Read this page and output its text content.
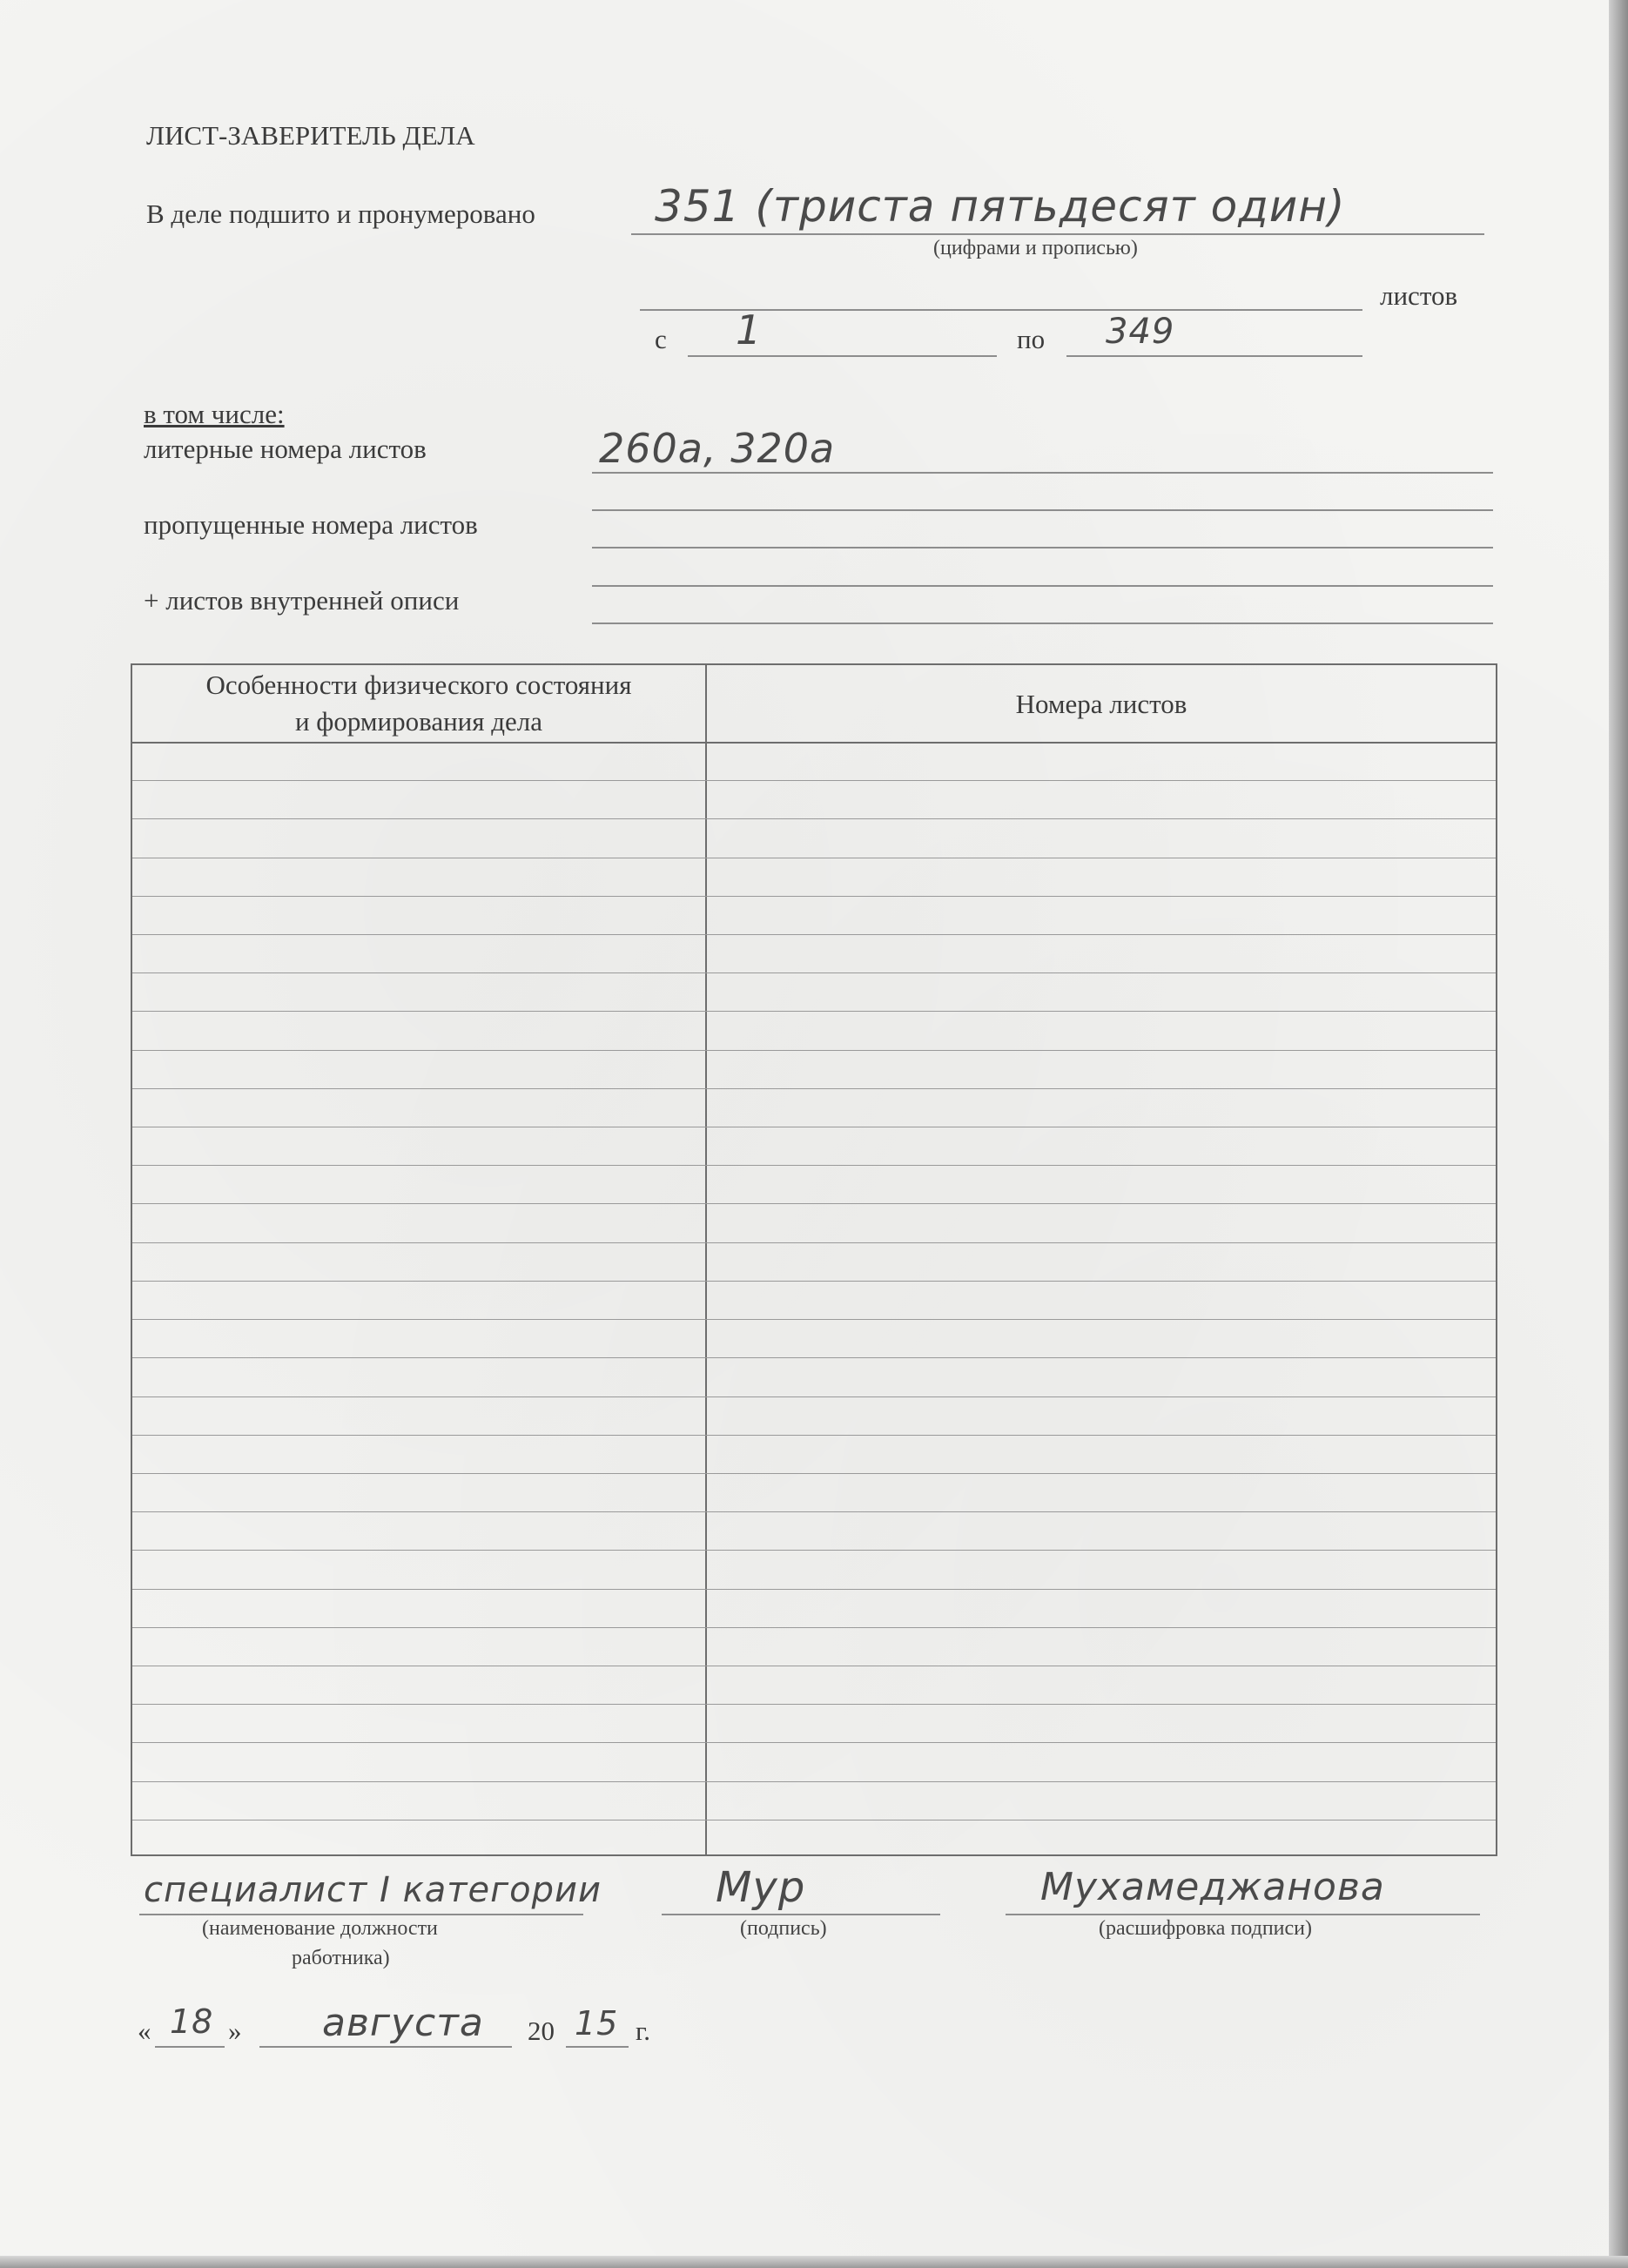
ЛИСТ-ЗАВЕРИТЕЛЬ ДЕЛА
В деле подшито и пронумеровано	351 (триста пятьдесят один)
(цифрами и прописью)
листов
с 1	по 349
в том числе:
литерные номера листов	260а, 320а
пропущенные номера листов
+ листов внутренней описи
Особенности физического состояния
и формирования дела
Номера листов
специалист I категории
(наименование должности
работника)
Мур
(подпись)
Мухамеджанова
(расшифровка подписи)
« 18 » августа 20 15 г.
